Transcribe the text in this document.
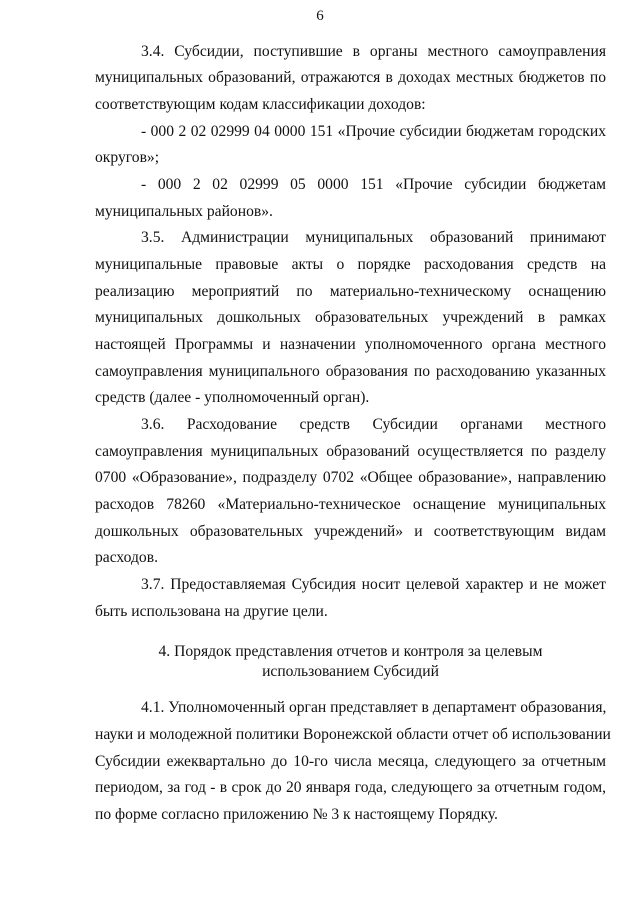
6
3.4. Субсидии, поступившие в органы местного самоуправления
муниципальных образований, отражаются в доходах местных бюджетов по
соответствующим кодам классификации доходов:
- 000 2 02 02999 04 0000 151 «Прочие субсидии бюджетам городских
округов»;
- 000 2 02 02999 05 0000 151 «Прочие субсидии бюджетам
муниципальных районов».
3.5. Администрации муниципальных образований принимают
муниципальные правовые акты о порядке расходования средств на
реализацию мероприятий по материально-техническому оснащению
муниципальных дошкольных образовательных учреждений в рамках
настоящей Программы и назначении уполномоченного органа местного
самоуправления муниципального образования по расходованию указанных
средств (далее - уполномоченный орган).
3.6. Расходование средств Субсидии органами местного
самоуправления муниципальных образований осуществляется по разделу
0700 «Образование», подразделу 0702 «Общее образование», направлению
расходов 78260 «Материально-техническое оснащение муниципальных
дошкольных образовательных учреждений» и соответствующим видам
расходов.
3.7. Предоставляемая Субсидия носит целевой характер и не может
быть использована на другие цели.
4. Порядок представления отчетов и контроля за целевым
использованием Субсидий
4.1. Уполномоченный орган представляет в департамент образования,
науки и молодежной политики Воронежской области отчет об использовании
Субсидии ежеквартально до 10-го числа месяца, следующего за отчетным
периодом, за год - в срок до 20 января года, следующего за отчетным годом,
по форме согласно приложению № 3 к настоящему Порядку.
